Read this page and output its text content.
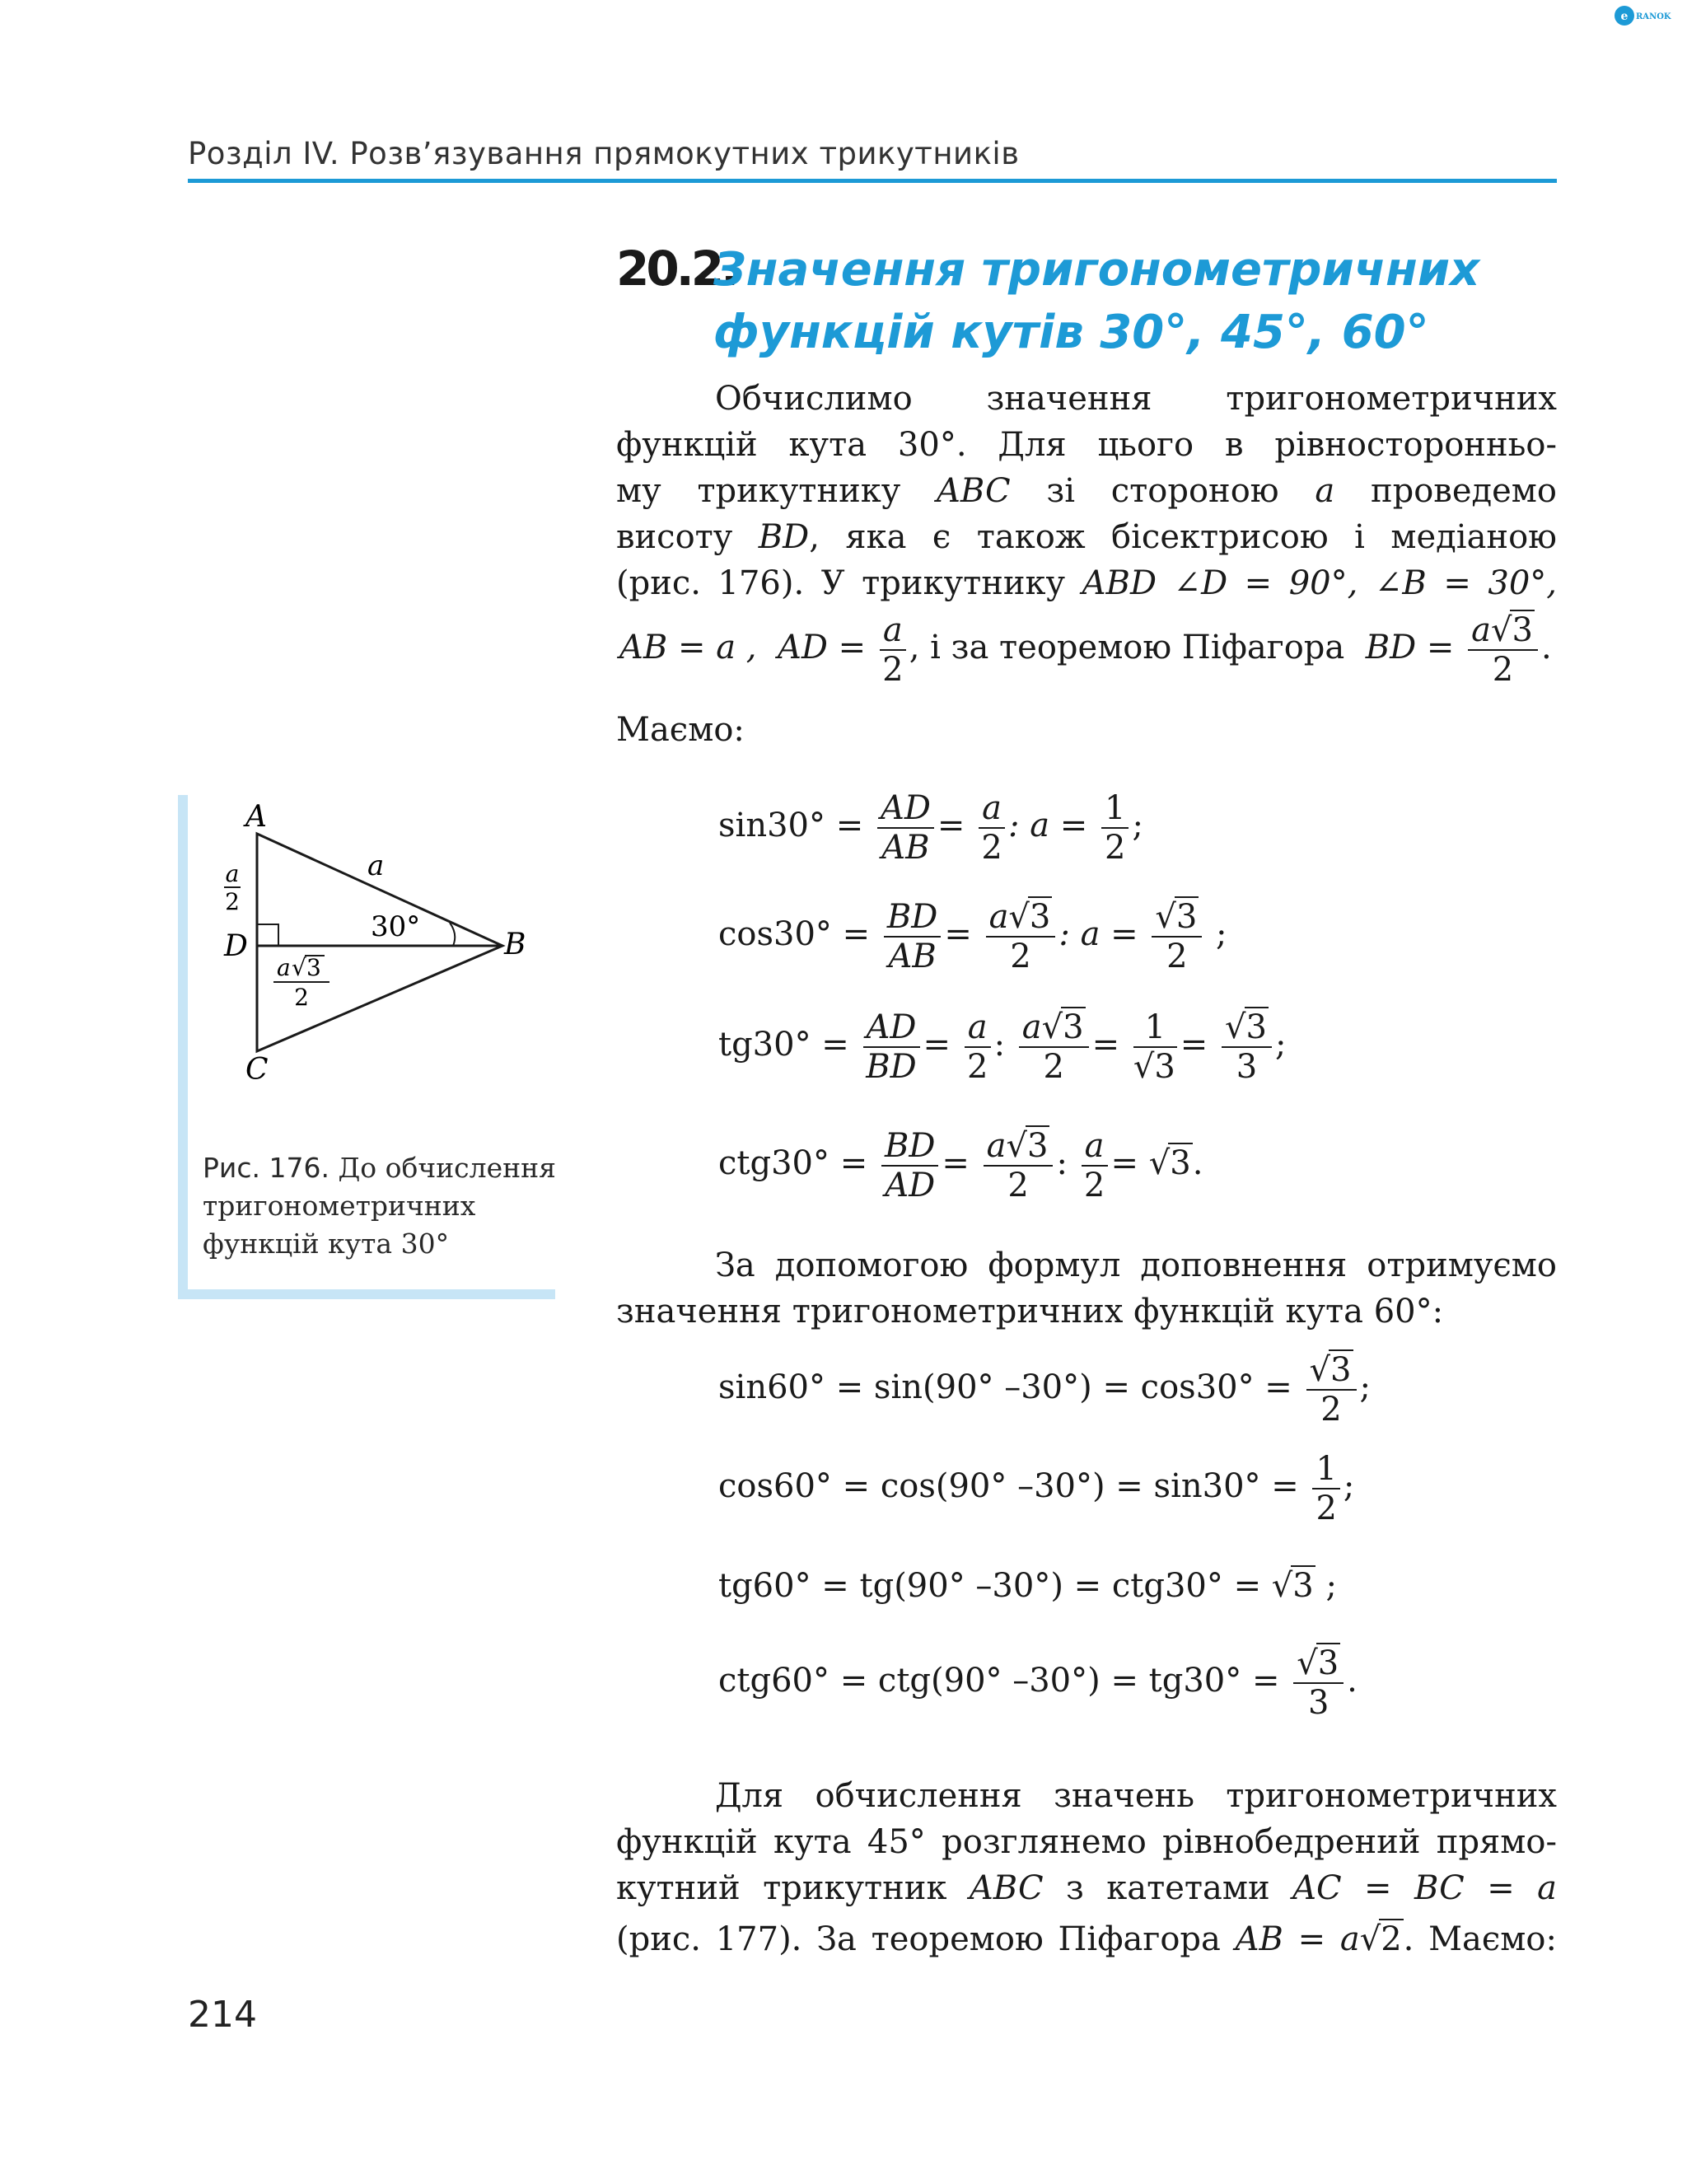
Розділ IV. Розв’язування прямокутних трикутників
e RANOK
20.2.
Значення тригонометричних
функцій кутів 30°, 45°, 60°
Обчислимо значення тригонометричних
функцій кута 30°. Для цього в рівносторонньо-
му трикутнику ABC зі стороною a проведемо
висоту BD, яка є також бісектрисою і медіаною
(рис. 176). У трикутнику ABD ∠D = 90°, ∠B = 30°,
AB = a , AD = $\frac{a}{2}$ , і за теоремою Піфагора BD = $\frac{a√3}{2}$ .
Маємо:
A
B
C
D
a
30°
a
2
a √ 3
2
Рис. 176. До обчислення
тригонометричних
функцій кута 30°
$\sin 30^\circ = \frac{AD}{AB} = \frac{a}{2}$ : $a = \frac{1}{2}$ ;
$\cos 30^\circ = \frac{BD}{AB} = \frac{a√3}{2}$ : $a = \frac{√3}{2}$ ;
$tg30^\circ = \frac{AD}{BD} = \frac{a}{2}$ : $\frac{a√3}{2} = \frac{1}{√3} = \frac{√3}{3}$ ;
$ctg30^\circ = \frac{BD}{AD} = \frac{a√3}{2}$ : $\frac{a}{2} = √3$.
За допомогою формул доповнення отримуємо
значення тригонометричних функцій кута 60°:
sin60° = sin(90° $-30^\circ) = \cos 30^\circ = \frac{√3}{2}$ ;
cos60° = cos(90° $-30^\circ) = \sin 30^\circ = \frac{1}{2}$ ;
tg60° = tg(90° –30°) = ctg30° = √3 ;
ctg60° = ctg(90° $-30^\circ) = tg30^\circ = \frac{√3}{3}$ .
Для обчислення значень тригонометричних
функцій кута 45° розглянемо рівнобедрений прямо-
кутний трикутник ABC з катетами AC = BC = a
(рис. 177). За теоремою Піфагора AB = a√2. Маємо:
214
